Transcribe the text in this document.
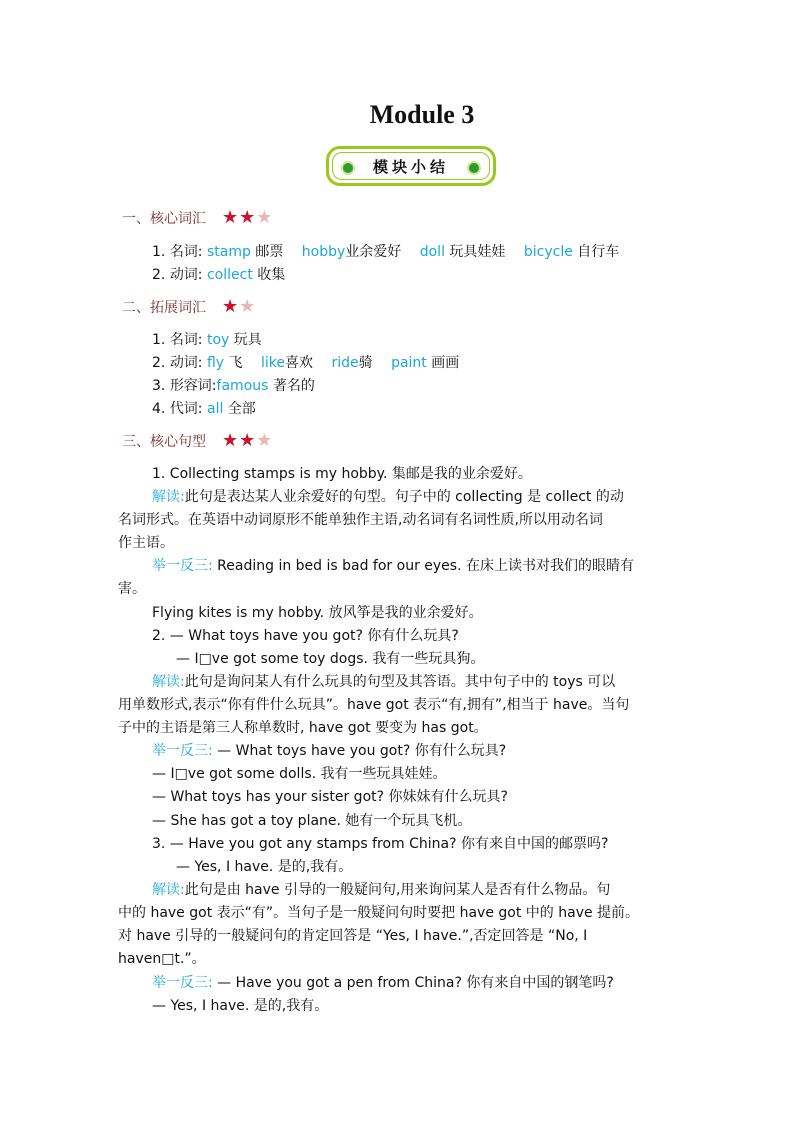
Module 3
模块小结
一、核心词汇 ★ ★ ★
1. 名词: stamp 邮票 hobby业余爱好 doll 玩具娃娃 bicycle 自行车
2. 动词: collect 收集
二、拓展词汇 ★ ★
1. 名词: toy 玩具
2. 动词: fly 飞 like喜欢 ride骑 paint 画画
3. 形容词:famous 著名的
4. 代词: all 全部
三、核心句型 ★ ★ ★
1. Collecting stamps is my hobby. 集邮是我的业余爱好。
解读:此句是表达某人业余爱好的句型。句子中的 collecting 是 collect 的动
名词形式。在英语中动词原形不能单独作主语,动名词有名词性质,所以用动名词
作主语。
举一反三: Reading in bed is bad for our eyes. 在床上读书对我们的眼睛有
害。
Flying kites is my hobby. 放风筝是我的业余爱好。
2. — What toys have you got? 你有什么玩具?
— I□ve got some toy dogs. 我有一些玩具狗。
解读:此句是询问某人有什么玩具的句型及其答语。其中句子中的 toys 可以
用单数形式,表示“你有件什么玩具”。have got 表示“有,拥有”,相当于 have。当句
子中的主语是第三人称单数时, have got 要变为 has got。
举一反三: — What toys have you got? 你有什么玩具?
— I□ve got some dolls. 我有一些玩具娃娃。
— What toys has your sister got? 你妹妹有什么玩具?
— She has got a toy plane. 她有一个玩具飞机。
3. — Have you got any stamps from China? 你有来自中国的邮票吗?
— Yes, I have. 是的,我有。
解读:此句是由 have 引导的一般疑问句,用来询问某人是否有什么物品。句
中的 have got 表示“有”。当句子是一般疑问句时要把 have got 中的 have 提前。
对 have 引导的一般疑问句的肯定回答是 “Yes, I have.”,否定回答是 “No, I
haven□t.”。
举一反三: — Have you got a pen from China? 你有来自中国的钢笔吗?
— Yes, I have. 是的,我有。
